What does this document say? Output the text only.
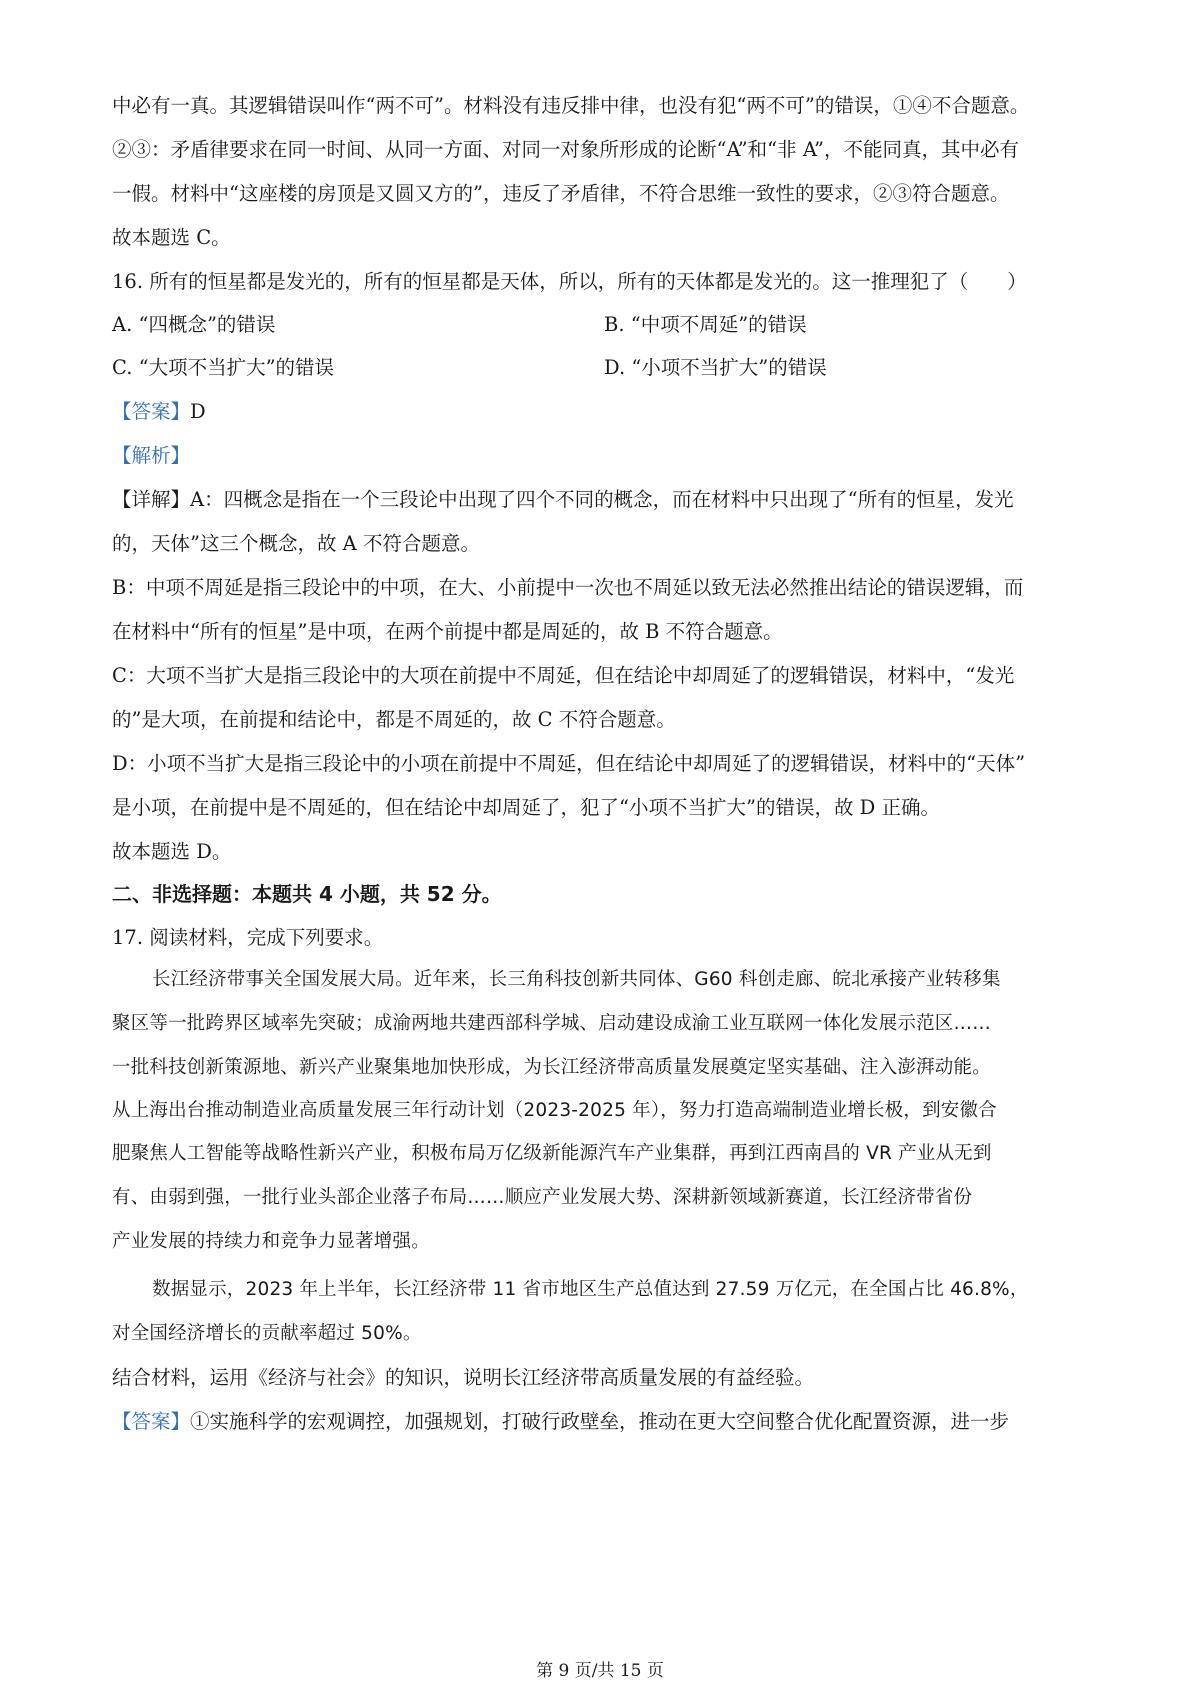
中必有一真。其逻辑错误叫作“两不可”。材料没有违反排中律，也没有犯“两不可”的错误，①④不合题意。
②③：矛盾律要求在同一时间、从同一方面、对同一对象所形成的论断“A”和“非 A”，不能同真，其中必有
一假。材料中“这座楼的房顶是又圆又方的”，违反了矛盾律，不符合思维一致性的要求，②③符合题意。
故本题选 C。
16. 所有的恒星都是发光的，所有的恒星都是天体，所以，所有的天体都是发光的。这一推理犯了（　　）
A. “四概念”的错误	B. “中项不周延”的错误
C. “大项不当扩大”的错误	D. “小项不当扩大”的错误
【答案】D
【解析】
【详解】A：四概念是指在一个三段论中出现了四个不同的概念，而在材料中只出现了“所有的恒星，发光
的，天体”这三个概念，故 A 不符合题意。
B：中项不周延是指三段论中的中项，在大、小前提中一次也不周延以致无法必然推出结论的错误逻辑，而
在材料中“所有的恒星”是中项，在两个前提中都是周延的，故 B 不符合题意。
C：大项不当扩大是指三段论中的大项在前提中不周延，但在结论中却周延了的逻辑错误，材料中，“发光
的”是大项，在前提和结论中，都是不周延的，故 C 不符合题意。
D：小项不当扩大是指三段论中的小项在前提中不周延，但在结论中却周延了的逻辑错误，材料中的“天体”
是小项，在前提中是不周延的，但在结论中却周延了，犯了“小项不当扩大”的错误，故 D 正确。
故本题选 D。
二、非选择题：本题共 4 小题，共 52 分。
17. 阅读材料，完成下列要求。
长江经济带事关全国发展大局。近年来，长三角科技创新共同体、G60 科创走廊、皖北承接产业转移集
聚区等一批跨界区域率先突破；成渝两地共建西部科学城、启动建设成渝工业互联网一体化发展示范区……
一批科技创新策源地、新兴产业聚集地加快形成，为长江经济带高质量发展奠定坚实基础、注入澎湃动能。
从上海出台推动制造业高质量发展三年行动计划（2023-2025 年），努力打造高端制造业增长极，到安徽合
肥聚焦人工智能等战略性新兴产业，积极布局万亿级新能源汽车产业集群，再到江西南昌的 VR 产业从无到
有、由弱到强，一批行业头部企业落子布局……顺应产业发展大势、深耕新领域新赛道，长江经济带省份
产业发展的持续力和竞争力显著增强。
数据显示，2023 年上半年，长江经济带 11 省市地区生产总值达到 27.59 万亿元，在全国占比 46.8%，
对全国经济增长的贡献率超过 50%。
结合材料，运用《经济与社会》的知识，说明长江经济带高质量发展的有益经验。
【答案】①实施科学的宏观调控，加强规划，打破行政壁垒，推动在更大空间整合优化配置资源，进一步
第 9 页/共 15 页
